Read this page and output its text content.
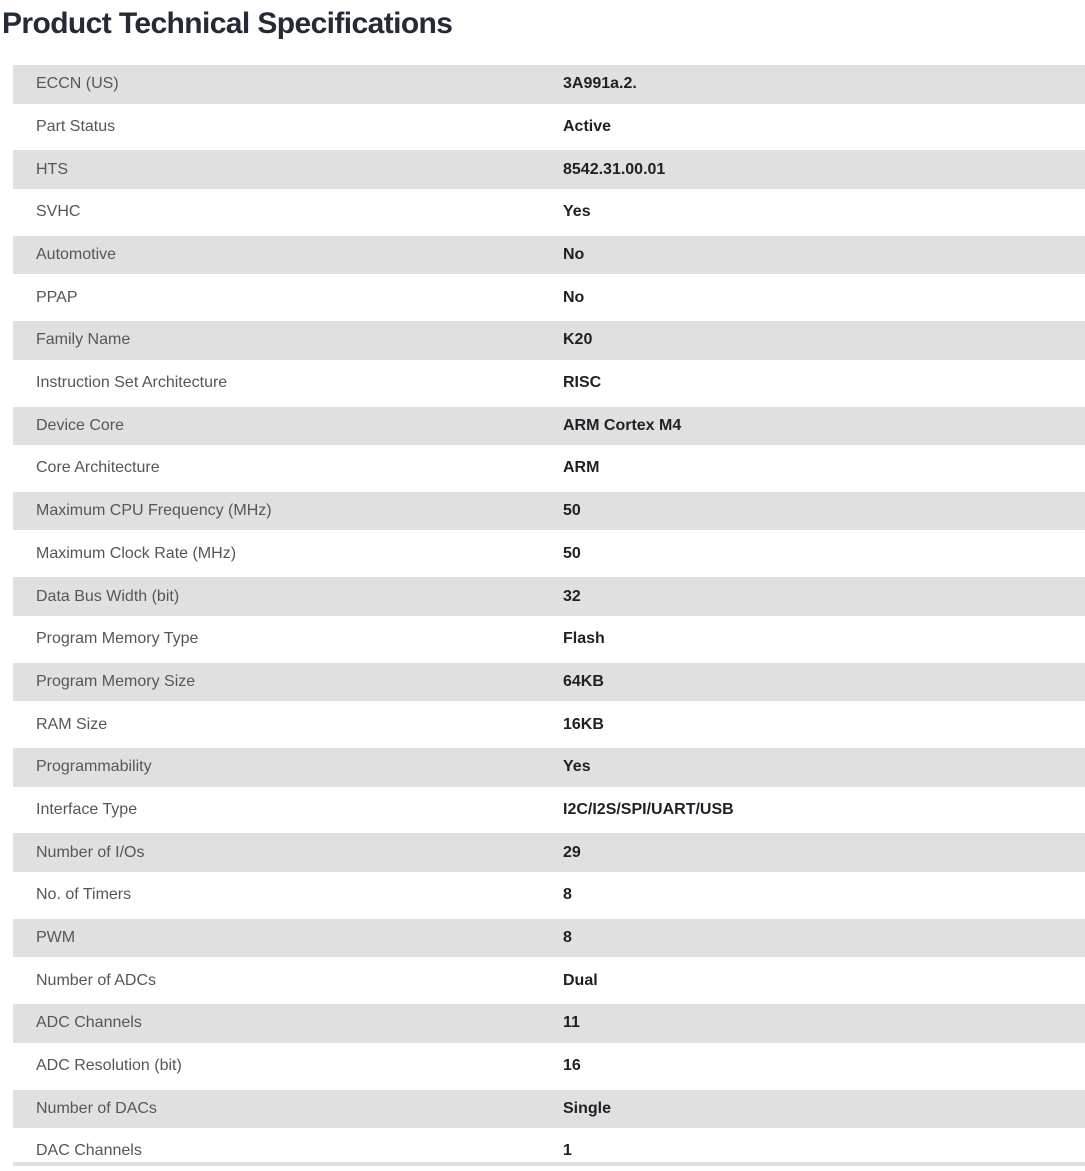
Product Technical Specifications
ECCN (US)	3A991a.2.
Part Status	Active
HTS	8542.31.00.01
SVHC	Yes
Automotive	No
PPAP	No
Family Name	K20
Instruction Set Architecture	RISC
Device Core	ARM Cortex M4
Core Architecture	ARM
Maximum CPU Frequency (MHz)	50
Maximum Clock Rate (MHz)	50
Data Bus Width (bit)	32
Program Memory Type	Flash
Program Memory Size	64KB
RAM Size	16KB
Programmability	Yes
Interface Type	I2C/I2S/SPI/UART/USB
Number of I/Os	29
No. of Timers	8
PWM	8
Number of ADCs	Dual
ADC Channels	11
ADC Resolution (bit)	16
Number of DACs	Single
DAC Channels	1
